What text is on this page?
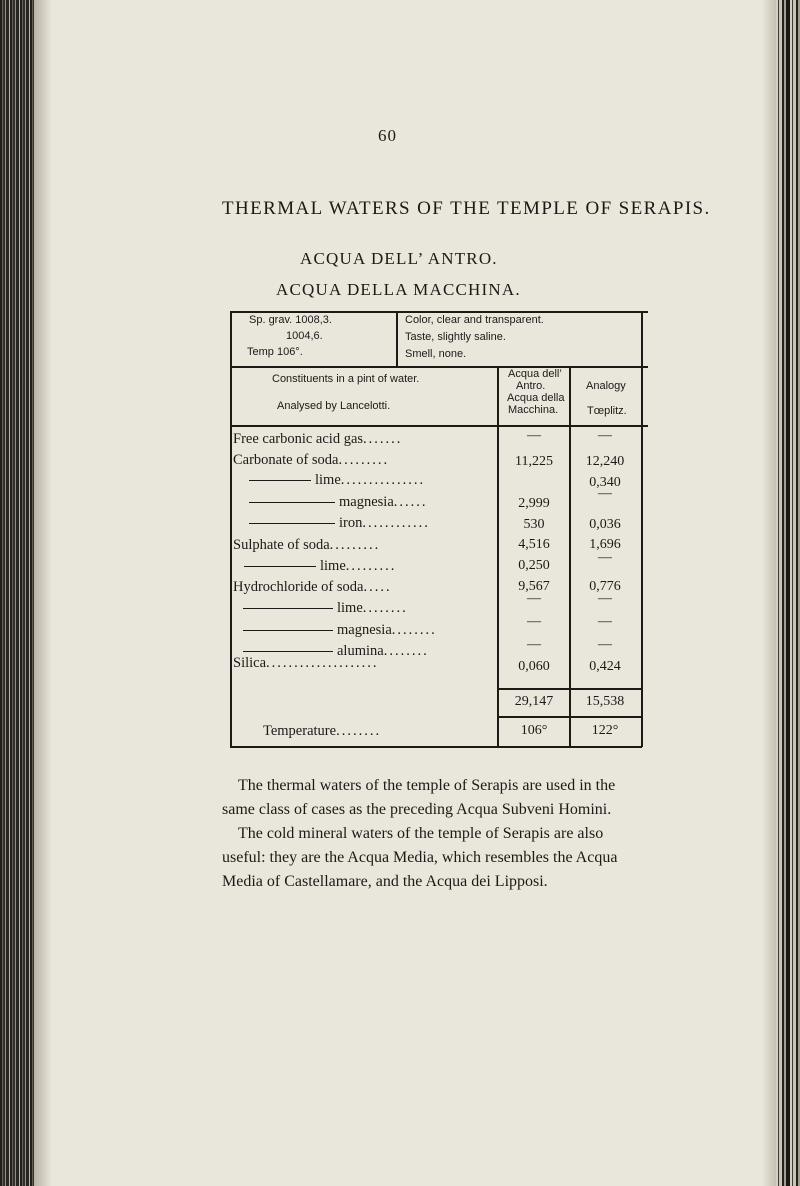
60
THERMAL WATERS OF THE TEMPLE OF SERAPIS.
ACQUA DELL’ ANTRO.
ACQUA DELLA MACCHINA.
Sp. grav. 1008,3.
1004,6.
Temp 106°.
Color, clear and transparent.
Taste, slightly saline.
Smell, none.
Constituents in a pint of water.
Analysed by Lancelotti.
Acqua dell’
Antro.
Acqua della
Macchina.
Analogy
Tœplitz.
Free carbonic acid gas.......
Carbonate of soda.........
lime...............
magnesia......
iron............
Sulphate of soda.........
lime.........
Hydrochloride of soda.....
lime........
magnesia........
alumina........
Silica....................
Temperature........
—
11,225
2,999
530
4,516
0,250
9,567
—
—
—
0,060
29,147
106°
—
12,240
0,340
—
0,036
1,696
—
0,776
—
—
—
0,424
15,538
122°
The thermal waters of the temple of Serapis are used in the
same class of cases as the preceding Acqua Subveni Homini.
The cold mineral waters of the temple of Serapis are also
useful: they are the Acqua Media, which resembles the Acqua
Media of Castellamare, and the Acqua dei Lipposi.
